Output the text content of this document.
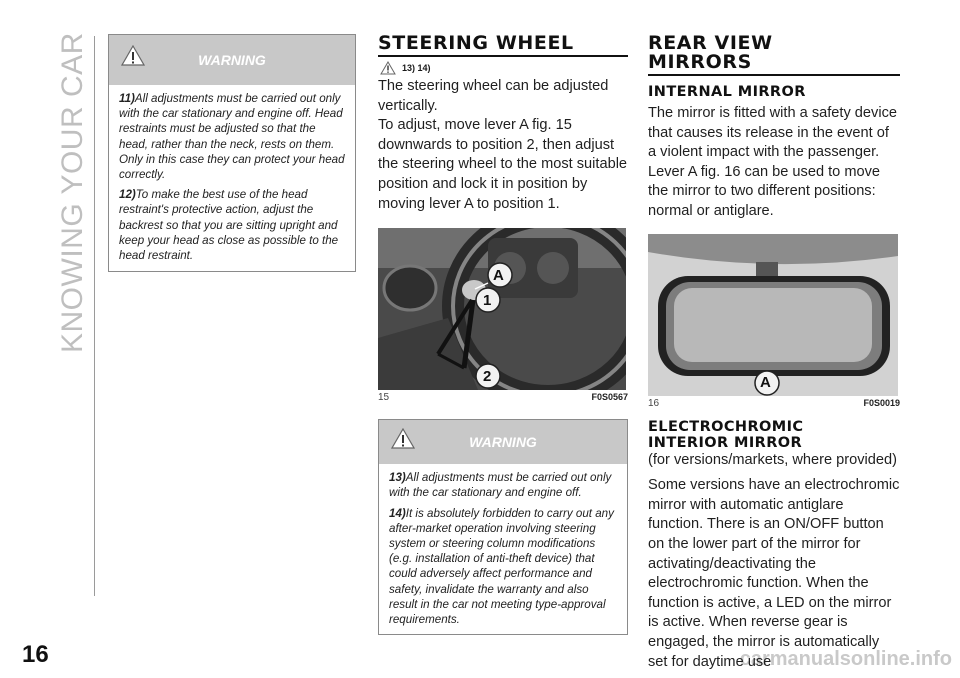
KNOWING YOUR CAR
16	carmanualsonline.info
WARNING

11)All adjustments must be carried out only with the car stationary and engine off. Head restraints must be adjusted so that the head, rather than the neck, rests on them. Only in this case they can protect your head correctly.

12)To make the best use of the head restraint's protective action, adjust the backrest so that you are sitting upright and keep your head as close as possible to the head restraint.

STEERING WHEEL
13) 14)

The steering wheel can be adjusted vertically.
To adjust, move lever A fig. 15 downwards to position 2, then adjust the steering wheel to the most suitable position and lock it in position by moving lever A to position 1.

A
1
2
15	F0S0567
WARNING

13)All adjustments must be carried out only with the car stationary and engine off.

14)It is absolutely forbidden to carry out any after-market operation involving steering system or steering column modifications (e.g. installation of anti-theft device) that could adversely affect performance and safety, invalidate the warranty and also result in the car not meeting type-approval requirements.

REAR VIEW
MIRRORS
INTERNAL MIRROR

The mirror is fitted with a safety device that causes its release in the event of a violent impact with the passenger. Lever A fig. 16 can be used to move the mirror to two different positions: normal or antiglare.

A
16	F0S0019
ELECTROCHROMIC
INTERIOR MIRROR

(for versions/markets, where provided)

Some versions have an electrochromic mirror with automatic antiglare function. There is an ON/OFF button on the lower part of the mirror for activating/deactivating the electrochromic function. When the function is active, a LED on the mirror is active. When reverse gear is engaged, the mirror is automatically set for daytime use
